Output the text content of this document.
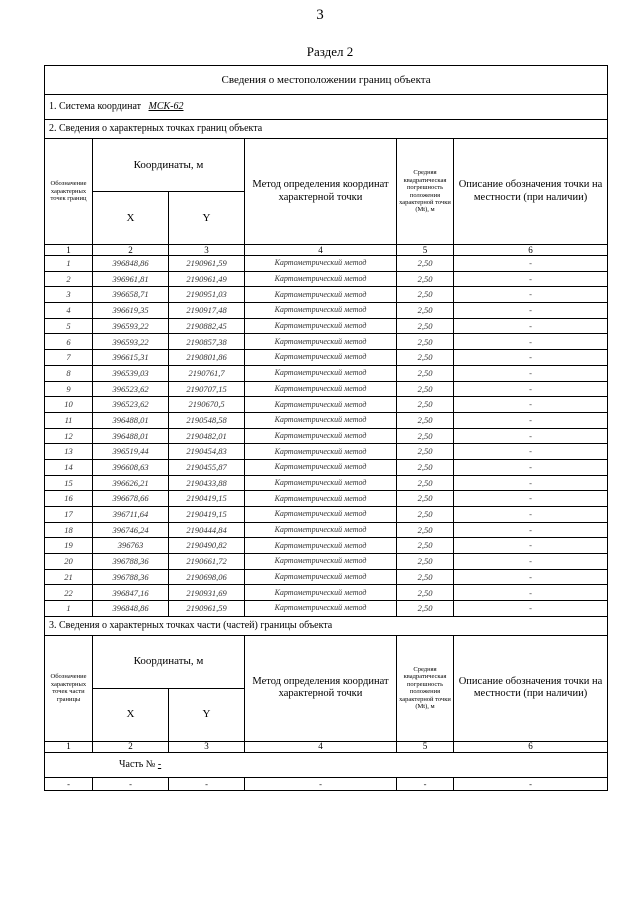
3
Раздел 2
Сведения о местоположении границ объекта					
1. Система координат МСК-62					
2. Сведения о характерных точках границ объекта					
Обозначение характерных точек границ	Координаты, м		Метод определения координат характерной точки	Средняя квадратическая погрешность положения характерной точки (Mt), м	Описание обозначения точки на местности (при наличии)
	X	Y			
1	2	3	4	5	6
1	396848,86	2190961,59	Картометрический метод	2,50	-
2	396961,81	2190961,49	Картометрический метод	2,50	-
3	396658,71	2190951,03	Картометрический метод	2,50	-
4	396619,35	2190917,48	Картометрический метод	2,50	-
5	396593,22	2190882,45	Картометрический метод	2,50	-
6	396593,22	2190857,38	Картометрический метод	2,50	-
7	396615,31	2190801,86	Картометрический метод	2,50	-
8	396539,03	2190761,7	Картометрический метод	2,50	-
9	396523,62	2190707,15	Картометрический метод	2,50	-
10	396523,62	2190670,5	Картометрический метод	2,50	-
11	396488,01	2190548,58	Картометрический метод	2,50	-
12	396488,01	2190482,01	Картометрический метод	2,50	-
13	396519,44	2190454,83	Картометрический метод	2,50	-
14	396608,63	2190455,87	Картометрический метод	2,50	-
15	396626,21	2190433,88	Картометрический метод	2,50	-
16	396678,66	2190419,15	Картометрический метод	2,50	-
17	396711,64	2190419,15	Картометрический метод	2,50	-
18	396746,24	2190444,84	Картометрический метод	2,50	-
19	396763	2190490,82	Картометрический метод	2,50	-
20	396788,36	2190661,72	Картометрический метод	2,50	-
21	396788,36	2190698,06	Картометрический метод	2,50	-
22	396847,16	2190931,69	Картометрический метод	2,50	-
1	396848,86	2190961,59	Картометрический метод	2,50	-
3. Сведения о характерных точках части (частей) границы объекта					
Обозначение характерных точек части границы	Координаты, м		Метод определения координат характерной точки	Средняя квадратическая погрешность положения характерной точки (Mt), м	Описание обозначения точки на местности (при наличии)
	X	Y			
1	2	3	4	5	6
Часть № -					
-	-	-	-	-	-
